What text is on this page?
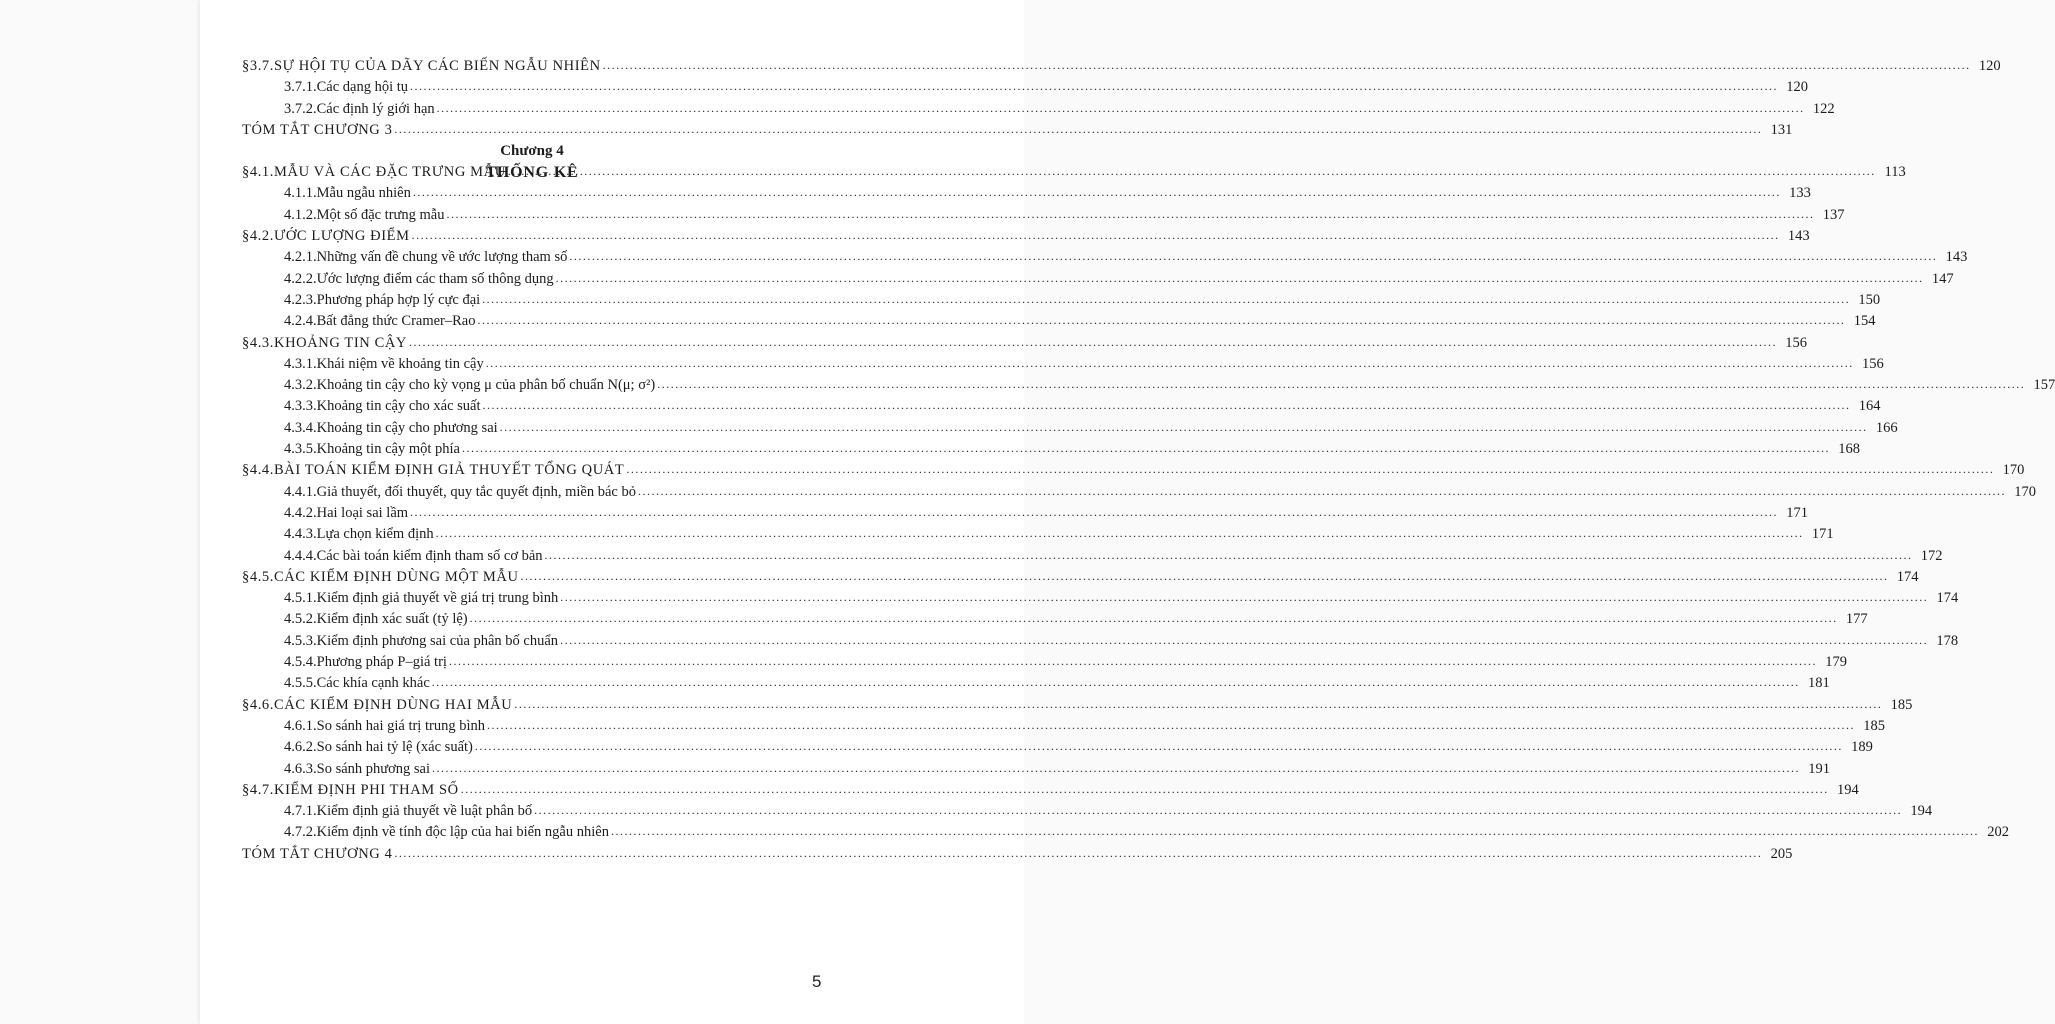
§3.7. SỰ HỘI TỤ CỦA DÃY CÁC BIẾN NGẪU NHIÊN .....	120
3.7.1. Các dạng hội tụ .....	120
3.7.2. Các định lý giới hạn .....	122
TÓM TẮT CHƯƠNG 3 .....	131
Chương 4
THỐNG KÊ
§4.1. MẪU VÀ CÁC ĐẶC TRƯNG MẪU .....	113
4.1.1. Mẫu ngẫu nhiên .....	133
4.1.2. Một số đặc trưng mẫu .....	137
§4.2. ƯỚC LƯỢNG ĐIỂM .....	143
4.2.1. Những vấn đề chung về ước lượng tham số .....	143
4.2.2. Ước lượng điểm các tham số thông dụng .....	147
4.2.3. Phương pháp hợp lý cực đại .....	150
4.2.4. Bất đẳng thức Cramer–Rao .....	154
§4.3. KHOẢNG TIN CẬY .....	156
4.3.1. Khái niệm về khoảng tin cậy .....	156
4.3.2. Khoảng tin cậy cho kỳ vọng μ của phân bố chuẩn N(μ; σ²) .....	157
4.3.3. Khoảng tin cậy cho xác suất .....	164
4.3.4. Khoảng tin cậy cho phương sai .....	166
4.3.5. Khoảng tin cậy một phía .....	168
§4.4. BÀI TOÁN KIỂM ĐỊNH GIẢ THUYẾT TỔNG QUÁT .....	170
4.4.1. Giả thuyết, đối thuyết, quy tắc quyết định, miền bác bỏ .....	170
4.4.2. Hai loại sai lầm .....	171
4.4.3. Lựa chọn kiểm định .....	171
4.4.4. Các bài toán kiểm định tham số cơ bản .....	172
§4.5. CÁC KIỂM ĐỊNH DÙNG MỘT MẪU .....	174
4.5.1. Kiểm định giả thuyết về giá trị trung bình .....	174
4.5.2. Kiểm định xác suất (tỷ lệ) .....	177
4.5.3. Kiểm định phương sai của phân bố chuẩn .....	178
4.5.4. Phương pháp P–giá trị .....	179
4.5.5. Các khía cạnh khác .....	181
§4.6. CÁC KIỂM ĐỊNH DÙNG HAI MẪU .....	185
4.6.1. So sánh hai giá trị trung bình .....	185
4.6.2. So sánh hai tỷ lệ (xác suất) .....	189
4.6.3. So sánh phương sai .....	191
§4.7. KIỂM ĐỊNH PHI THAM SỐ .....	194
4.7.1. Kiểm định giả thuyết về luật phân bố .....	194
4.7.2. Kiểm định về tính độc lập của hai biến ngẫu nhiên .....	202
TÓM TẮT CHƯƠNG 4 .....	205
5
